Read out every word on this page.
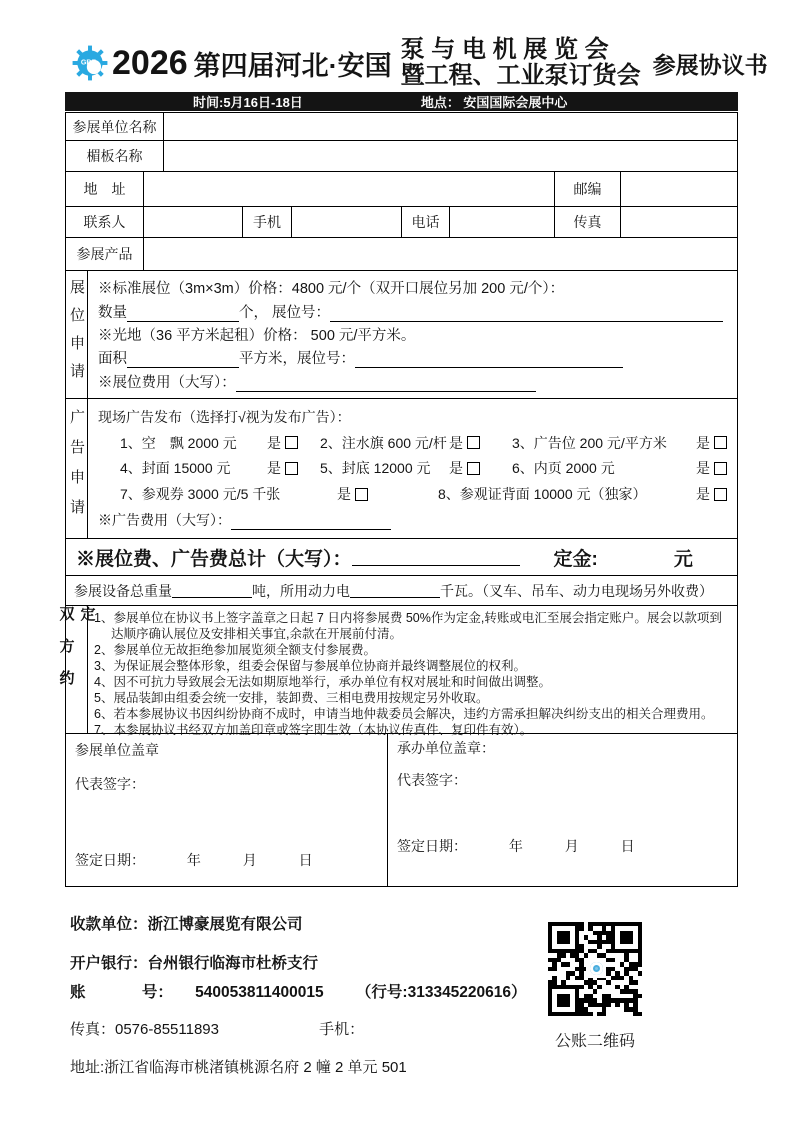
GBZ 2026 第四届河北·安国
泵 与 电 机 展 览 会
暨工程、工业泵订货会 参展协议书
时间:5月16日-18日	地点： 安国国际会展中心
参展单位名称
楣板名称
地　址	邮编
联系人	手机	电话	传真
参展产品
展位申请 ※标准展位（3m×3m）价格：4800 元/个（双开口展位另加 200 元/个）：
数量	个， 展位号：
※光地（36 平方米起租）价格： 500 元/平方米。
面积	平方米，展位号：
※展位费用（大写）：
广告申请 现场广告发布（选择打√视为发布广告）：
1、空　飘 2000 元 是	2、注水旗 600 元/杆 是	3、广告位 200 元/平方米 是
4、封面 15000 元	是	5、封底 12000 元 是	6、内页 2000 元	是
7、参观券 3000 元/5 千张	是	8、参观证背面 10000 元（独家）	是
※广告费用（大写）：
※展位费、广告费总计（大写）：	定金:	元
参展设备总重量	吨，所用动力电	千瓦。（叉车、吊车、动力电现场另外收费）
双方约定
1、参展单位在协议书上签字盖章之日起 7 日内将参展费 50%作为定金,转账或电汇至展会指定账户。展会以款项到达顺序确认展位及安排相关事宜,余款在开展前付清。
2、参展单位无故拒绝参加展览须全额支付参展费。
3、为保证展会整体形象，组委会保留与参展单位协商并最终调整展位的权利。
4、因不可抗力导致展会无法如期原地举行，承办单位有权对展址和时间做出调整。
5、展品装卸由组委会统一安排，装卸费、三相电费用按规定另外收取。
6、若本参展协议书因纠纷协商不成时，申请当地仲裁委员会解决，违约方需承担解决纠纷支出的相关合理费用。
7、本参展协议书经双方加盖印章或签字即生效（本协议传真件、复印件有效）。
参展单位盖章
代表签字：
签定日期：	年	月	日
承办单位盖章：
代表签字：
签定日期：	年	月	日
收款单位：浙江博豪展览有限公司
开户银行：台州银行临海市杜桥支行
账	号： 540053811400015 （行号:313345220616）
传真：0576-85511893	手机：
地址:浙江省临海市桃渚镇桃源名府 2 幢 2 单元 501
公账二维码
